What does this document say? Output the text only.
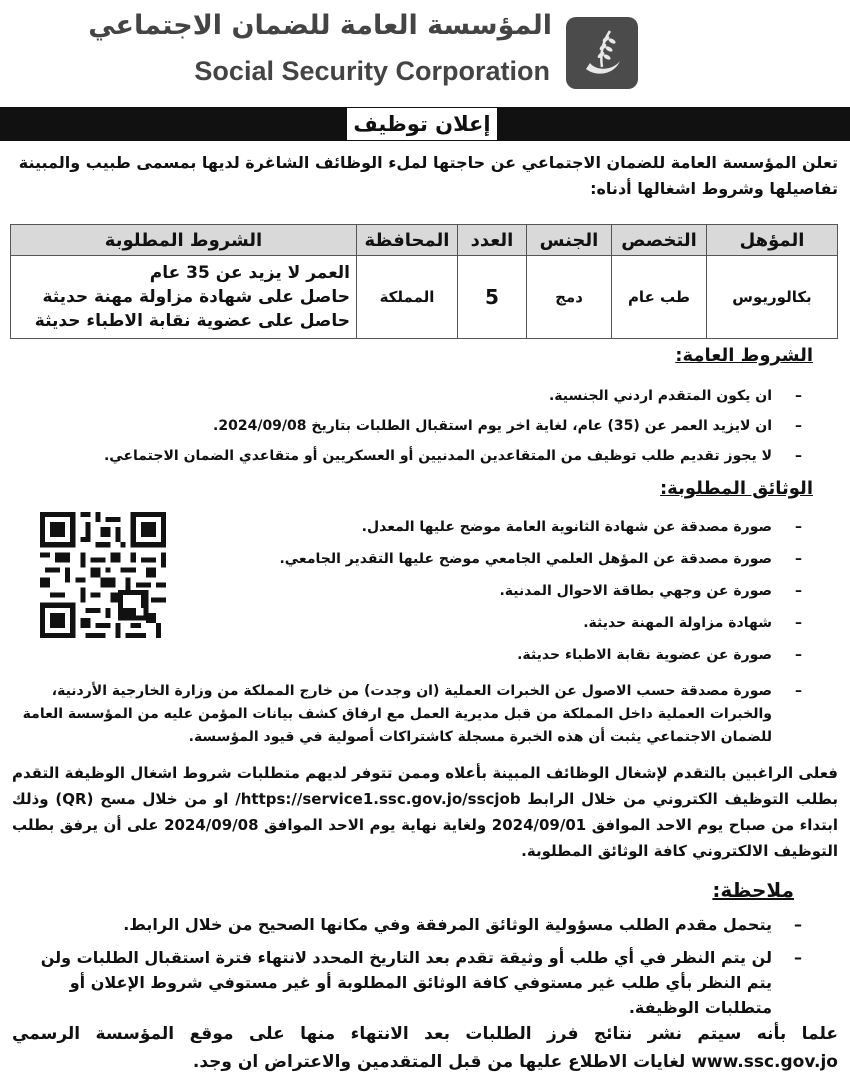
المؤسسة العامة للضمان الاجتماعي
Social Security Corporation
إعلان توظيف
تعلن المؤسسة العامة للضمان الاجتماعي عن حاجتها لملء الوظائف الشاغرة لديها بمسمى طبيب والمبينة تفاصيلها وشروط اشغالها أدناه:
المؤهل	التخصص	الجنس	العدد	المحافظة	الشروط المطلوبة
بكالوريوس	طب عام	دمج	5	المملكة	العمر لا يزيد عن 35 عام
حاصل على شهادة مزاولة مهنة حديثة
حاصل على عضوية نقابة الاطباء حديثة
الشروط العامة:
–
ان يكون المتقدم اردني الجنسية.
–
ان لايزيد العمر عن (35) عام، لغاية اخر يوم استقبال الطلبات بتاريخ 2024/09/08.
–
لا يجوز تقديم طلب توظيف من المتقاعدين المدنيين أو العسكريين أو متقاعدي الضمان الاجتماعي.
الوثائق المطلوبة:
–
صورة مصدقة عن شهادة الثانوية العامة موضح عليها المعدل.
–
صورة مصدقة عن المؤهل العلمي الجامعي موضح عليها التقدير الجامعي.
–
صورة عن وجهي بطاقة الاحوال المدنية.
–
شهادة مزاولة المهنة حديثة.
–
صورة عن عضوية نقابة الاطباء حديثة.
–
صورة مصدقة حسب الاصول عن الخبرات العملية (ان وجدت) من خارج المملكة من وزارة الخارجية الأردنية، والخبرات العملية داخل المملكة من قبل مديرية العمل مع ارفاق كشف بيانات المؤمن عليه من المؤسسة العامة للضمان الاجتماعي يثبت أن هذه الخبرة مسجلة كاشتراكات أصولية في قيود المؤسسة.
فعلى الراغبين بالتقدم لإشغال الوظائف المبينة بأعلاه وممن تتوفر لديهم متطلبات شروط اشغال الوظيفة التقدم بطلب التوظيف الكتروني من خلال الرابط https://service1.ssc.gov.jo/sscjob/ او من خلال مسح (QR) وذلك ابتداء من صباح يوم الاحد الموافق 2024/09/01 ولغاية نهاية يوم الاحد الموافق 2024/09/08 على أن يرفق بطلب التوظيف الالكتروني كافة الوثائق المطلوبة.
ملاحظة:
–
يتحمل مقدم الطلب مسؤولية الوثائق المرفقة وفي مكانها الصحيح من خلال الرابط.
–
لن يتم النظر في أي طلب أو وثيقة تقدم بعد التاريخ المحدد لانتهاء فترة استقبال الطلبات ولن يتم النظر بأي طلب غير مستوفي كافة الوثائق المطلوبة أو غير مستوفي شروط الإعلان أو متطلبات الوظيفة.
علما بأنه سيتم نشر نتائج فرز الطلبات بعد الانتهاء منها على موقع المؤسسة الرسمي www.ssc.gov.jo لغايات الاطلاع عليها من قبل المتقدمين والاعتراض ان وجد.
